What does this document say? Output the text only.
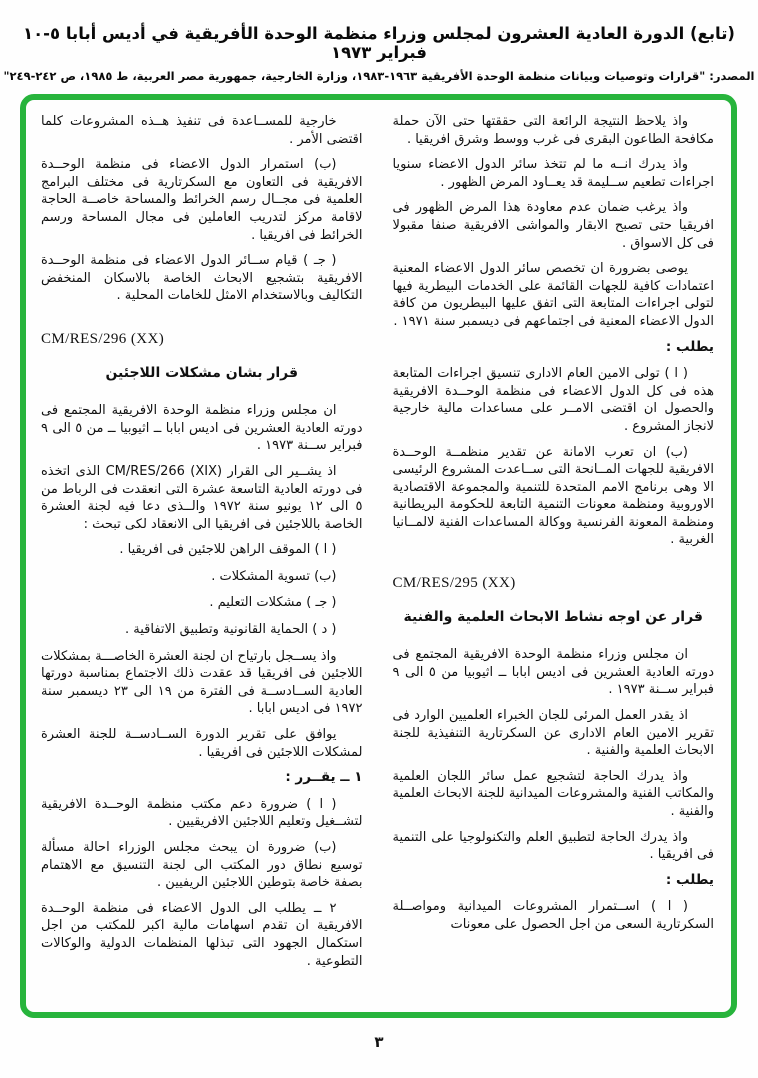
(تابع) الدورة العادية العشرون لمجلس وزراء منظمة الوحدة الأفريقية في أديس أبابا ٥-١٠ فبراير ١٩٧٣
المصدر: "قرارات وتوصيات وبيانات منظمة الوحدة الأفريقية ١٩٦٣-١٩٨٣، وزارة الخارجية، جمهورية مصر العربية، ط ١٩٨٥، ص ٢٤٢-٢٤٩"
واذ يلاحظ النتيجة الرائعة التى حققتها حتى الآن حملة مكافحة الطاعون البقرى فى غرب ووسط وشرق افريقيا .
واذ يدرك انــه ما لم تتخذ سائر الدول الاعضاء سنويا اجراءات تطعيم ســليمة قد يعــاود المرض الظهور .
واذ يرغب ضمان عدم معاودة هذا المرض الظهور فى افريقيا حتى تصبح الابقار والمواشى الافريقية صنفا مقبولا فى كل الاسواق .
يوصى بضرورة ان تخصص سائر الدول الاعضاء المعنية اعتمادات كافية للجهات القائمة على الخدمات البيطرية فيها لتولى اجراءات المتابعة التى اتفق عليها البيطريون من كافة الدول الاعضاء المعنية فى اجتماعهم فى ديسمبر سنة ١٩٧١ .
يطلب :
( ا ) تولى الامين العام الادارى تنسيق اجراءات المتابعة هذه فى كل الدول الاعضاء فى منظمة الوحــدة الافريقية والحصول ان اقتضى الامــر على مساعدات مالية خارجية لانجاز المشروع .
(ب) ان تعرب الامانة عن تقدير منظمــة الوحــدة الافريقية للجهات المــانحة التى ســاعدت المشروع الرئيسى الا وهى برنامج الامم المتحدة للتنمية والمجموعة الاقتصادية الاوروبية ومنظمة معونات التنمية التابعة للحكومة البريطانية ومنظمة المعونة الفرنسية ووكالة المساعدات الفنية لالمــانيا الغربية .
CM/RES/295 (XX)
قرار عن اوجه نشاط الابحاث العلمية والفنية
ان مجلس وزراء منظمة الوحدة الافريقية المجتمع فى دورته العادية العشرين فى اديس ابابا ــ اثيوبيا من ٥ الى ٩ فبراير ســنة ١٩٧٣ .
اذ يقدر العمل المرئى للجان الخبراء العلميين الوارد فى تقرير الامين العام الادارى عن السكرتارية التنفيذية للجنة الابحاث العلمية والفنية .
واذ يدرك الحاجة لتشجيع عمل سائر اللجان العلمية والمكاتب الفنية والمشروعات الميدانية للجنة الابحاث العلمية والفنية .
واذ يدرك الحاجة لتطبيق العلم والتكنولوجيا على التنمية فى افريقيا .
يطلب :
( ا ) اســتمرار المشروعات الميدانية ومواصــلة السكرتارية السعى من اجل الحصول على معونات
خارجية للمســاعدة فى تنفيذ هــذه المشروعات كلما اقتضى الأمر .
(ب) استمرار الدول الاعضاء فى منظمة الوحــدة الافريقية فى التعاون مع السكرتارية فى مختلف البرامج العلمية فى مجــال رسم الخرائط والمساحة خاصــة الحاجة لاقامة مركز لتدريب العاملين فى مجال المساحة ورسم الخرائط فى افريقيا .
( جـ ) قيام ســائر الدول الاعضاء فى منظمة الوحــدة الافريقية بتشجيع الابحاث الخاصة بالاسكان المنخفض التكاليف وبالاستخدام الامثل للخامات المحلية .
CM/RES/296 (XX)
قرار بشان مشكلات اللاجئين
ان مجلس وزراء منظمة الوحدة الافريقية المجتمع فى دورته العادية العشرين فى اديس ابابا ــ اثيوبيا ــ من ٥ الى ٩ فبراير ســنة ١٩٧٣ .
اذ يشــير الى القرار CM/RES/266 (XIX) الذى اتخذه فى دورته العادية التاسعة عشرة التى انعقدت فى الرباط من ٥ الى ١٢ يونيو سنة ١٩٧٢ والــذى دعا فيه لجنة العشرة الخاصة باللاجئين فى افريقيا الى الانعقاد لكى تبحث :
( ا ) الموقف الراهن للاجئين فى افريقيا .
(ب) تسوية المشكلات .
( جـ ) مشكلات التعليم .
( د ) الحماية القانونية وتطبيق الاتفاقية .
واذ يســجل بارتياح ان لجنة العشرة الخاصـــة بمشكلات اللاجئين فى افريقيا قد عقدت ذلك الاجتماع بمناسبة دورتها العادية الســادســة فى الفترة من ١٩ الى ٢٣ ديسمبر سنة ١٩٧٢ فى اديس ابابا .
يوافق على تقرير الدورة الســادســة للجنة العشرة لمشكلات اللاجئين فى افريقيا .
١ ــ يقــرر :
( ا ) ضرورة دعم مكتب منظمة الوحــدة الافريقية لتشــغيل وتعليم اللاجئين الافريقيين .
(ب) ضرورة ان يبحث مجلس الوزراء احالة مسألة توسيع نطاق دور المكتب الى لجنة التنسيق مع الاهتمام بصفة خاصة بتوطين اللاجئين الريفيين .
٢ ــ يطلب الى الدول الاعضاء فى منظمة الوحــدة الافريقية ان تقدم اسهامات مالية اكبر للمكتب من اجل استكمال الجهود التى تبذلها المنظمات الدولية والوكالات التطوعية .
٣
